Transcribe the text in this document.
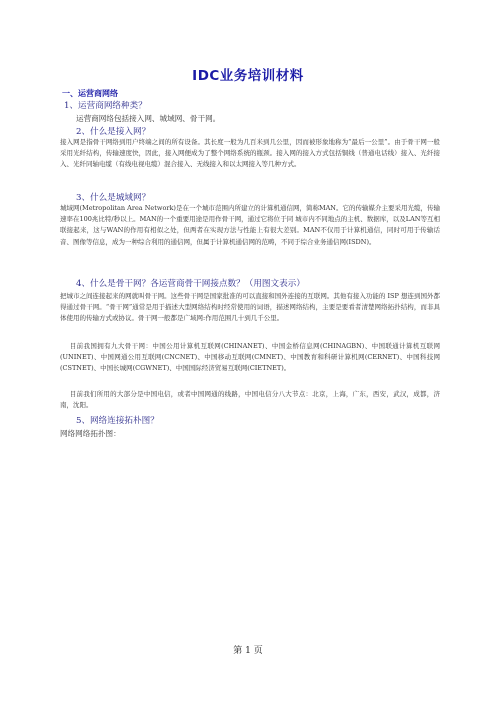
IDC业务培训材料
一、运营商网络
1、运营商网络种类？
运营商网络包括接入网、城域网、骨干网。
2、什么是接入网？
接入网是指骨干网络到用户终端之间的所有设备。其长度一般为几百米到几公里，因而被形象地称为“最后一公里”。由于骨干网一般采用光纤结构，传输速度快，因此，接入网便成为了整个网络系统的瓶颈。接入网的接入方式包括铜线（普通电话线）接入、光纤接入、光纤同轴电缆（有线电视电缆）混合接入、无线接入和以太网接入等几种方式。
3、什么是城域网？
城域网(Metropolitan Area Network)是在一个城市范围内所建立的计算机通信网，简称MAN。它的传输媒介主要采用光缆，传输速率在100兆比特/秒以上。MAN的一个重要用途是用作骨干网，通过它将位于同 城市内不同地点的主机、数据库，以及LAN等互相联接起来，这与WAN的作用有相似之处，但两者在实现方法与性能上有很大差别。MAN不仅用于计算机通信，同时可用于传输话音、图像等信息，成为一种综合利用的通信网，但属于计算机通信网的范畴，不同于综合业务通信网(ISDN)。
4、什么是骨干网？各运营商骨干网接点数？（用图文表示）
把城市之间连接起来的网就叫骨干网。这些骨干网是国家批准的可以直接和国外连接的互联网。其他有接入功能的 ISP 想连到国外都得通过骨干网。“骨干网”通常是用于描述大型网络结构时经常使用的词语，描述网络结构，主要是要看者清楚网络拓扑结构，而非具体使用的传输方式或协议。骨干网一般都是广域网:作用范围几十到几千公里。
目前我国拥有九大骨干网：中国公用计算机互联网(CHINANET)、中国金桥信息网(CHINAGBN)、中国联通计算机互联网(UNINET)、中国网通公用互联网(CNCNET)、中国移动互联网(CMNET)、中国教育和科研计算机网(CERNET)、中国科技网(CSTNET)、中国长城网(CGWNET)、中国国际经济贸易互联网(CIETNET)。
目前我们所用的大部分是中国电信，或者中国网通的线路，中国电信分八大节点：北京，上海，广东，西安，武汉，成都，济南，沈阳。
5、网络连接拓朴图？
网络网络拓扑图：
第 1 页
